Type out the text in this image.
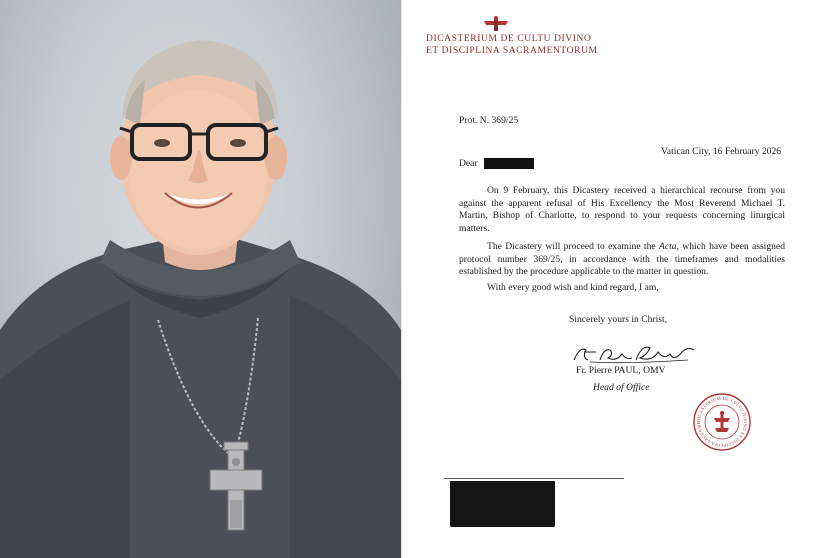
DICASTERIUM DE CULTU DIVINO
ET DISCIPLINA SACRAMENTORUM
Prot. N. 369/25
Vatican City, 16 February 2026
Dear
On 9 February, this Dicastery received a hierarchical recourse from you against the apparent refusal of His Excellency the Most Reverend Michael T. Martin, Bishop of Charlotte, to respond to your requests concerning liturgical matters.
The Dicastery will proceed to examine the Acta, which have been assigned protocol number 369/25, in accordance with the timeframes and modalities established by the procedure applicable to the matter in question.
With every good wish and kind regard, I am,
Sincerely yours in Christ,
Fr. Pierre PAUL, OMV
Head of Office
DICASTERIUM DE CULTU DIVINO ET DISCIPLINA SACRAME
